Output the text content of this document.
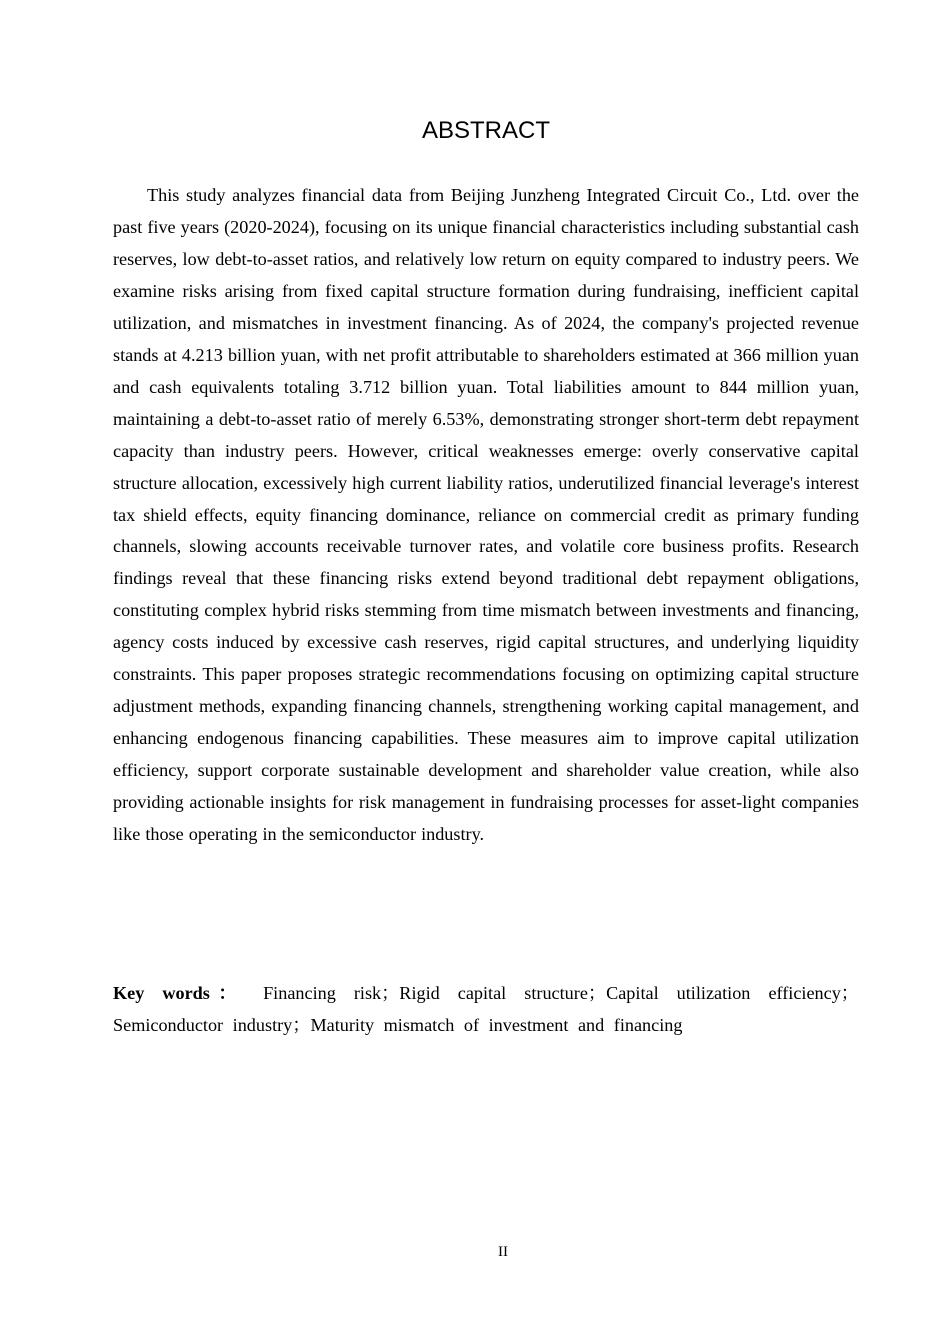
ABSTRACT

This study analyzes financial data from Beijing Junzheng Integrated Circuit Co., Ltd. over the past five years (2020-2024), focusing on its unique financial characteristics including substantial cash reserves, low debt-to-asset ratios, and relatively low return on equity compared to industry peers. We examine risks arising from fixed capital structure formation during fundraising, inefficient capital utilization, and mismatches in investment financing. As of 2024, the company's projected revenue stands at 4.213 billion yuan, with net profit attributable to shareholders estimated at 366 million yuan and cash equivalents totaling 3.712 billion yuan. Total liabilities amount to 844 million yuan, maintaining a debt-to-asset ratio of merely 6.53%, demonstrating stronger short-term debt repayment capacity than industry peers. However, critical weaknesses emerge: overly conservative capital structure allocation, excessively high current liability ratios, underutilized financial leverage's interest tax shield effects, equity financing dominance, reliance on commercial credit as primary funding channels, slowing accounts receivable turnover rates, and volatile core business profits. Research findings reveal that these financing risks extend beyond traditional debt repayment obligations, constituting complex hybrid risks stemming from time mismatch between investments and financing, agency costs induced by excessive cash reserves, rigid capital structures, and underlying liquidity constraints. This paper proposes strategic recommendations focusing on optimizing capital structure adjustment methods, expanding financing channels, strengthening working capital management, and enhancing endogenous financing capabilities. These measures aim to improve capital utilization efficiency, support corporate sustainable development and shareholder value creation, while also providing actionable insights for risk management in fundraising processes for asset-light companies like those operating in the semiconductor industry.

Key words： Financing risk；Rigid capital structure；Capital utilization efficiency；Semiconductor industry；Maturity mismatch of investment and financing

II
